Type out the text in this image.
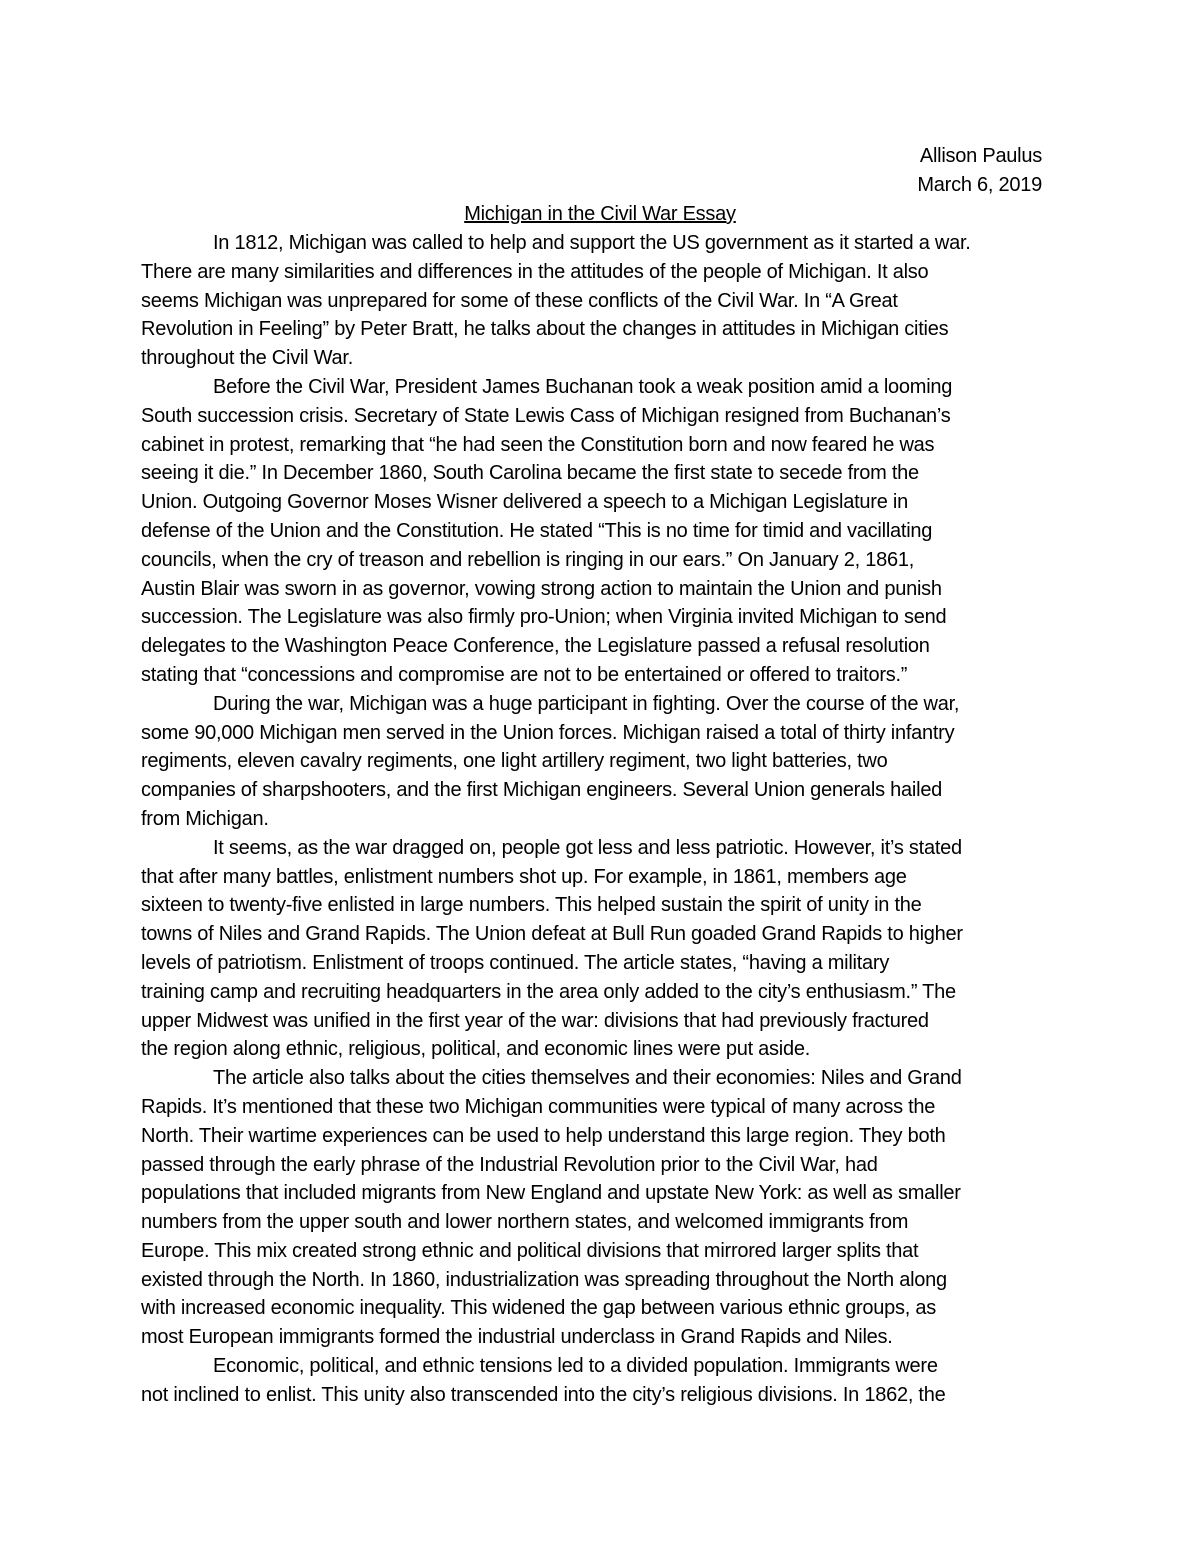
Allison Paulus
March 6, 2019
Michigan in the Civil War Essay
In 1812, Michigan was called to help and support the US government as it started a war.
There are many similarities and differences in the attitudes of the people of Michigan. It also
seems Michigan was unprepared for some of these conflicts of the Civil War. In “A Great
Revolution in Feeling” by Peter Bratt, he talks about the changes in attitudes in Michigan cities
throughout the Civil War.
Before the Civil War, President James Buchanan took a weak position amid a looming
South succession crisis. Secretary of State Lewis Cass of Michigan resigned from Buchanan’s
cabinet in protest, remarking that “he had seen the Constitution born and now feared he was
seeing it die.” In December 1860, South Carolina became the first state to secede from the
Union. Outgoing Governor Moses Wisner delivered a speech to a Michigan Legislature in
defense of the Union and the Constitution. He stated “This is no time for timid and vacillating
councils, when the cry of treason and rebellion is ringing in our ears.” On January 2, 1861,
Austin Blair was sworn in as governor, vowing strong action to maintain the Union and punish
succession. The Legislature was also firmly pro-Union; when Virginia invited Michigan to send
delegates to the Washington Peace Conference, the Legislature passed a refusal resolution
stating that “concessions and compromise are not to be entertained or offered to traitors.”
During the war, Michigan was a huge participant in fighting. Over the course of the war,
some 90,000 Michigan men served in the Union forces. Michigan raised a total of thirty infantry
regiments, eleven cavalry regiments, one light artillery regiment, two light batteries, two
companies of sharpshooters, and the first Michigan engineers. Several Union generals hailed
from Michigan.
It seems, as the war dragged on, people got less and less patriotic. However, it’s stated
that after many battles, enlistment numbers shot up. For example, in 1861, members age
sixteen to twenty-five enlisted in large numbers. This helped sustain the spirit of unity in the
towns of Niles and Grand Rapids. The Union defeat at Bull Run goaded Grand Rapids to higher
levels of patriotism. Enlistment of troops continued. The article states, “having a military
training camp and recruiting headquarters in the area only added to the city’s enthusiasm.” The
upper Midwest was unified in the first year of the war: divisions that had previously fractured
the region along ethnic, religious, political, and economic lines were put aside.
The article also talks about the cities themselves and their economies: Niles and Grand
Rapids. It’s mentioned that these two Michigan communities were typical of many across the
North. Their wartime experiences can be used to help understand this large region. They both
passed through the early phrase of the Industrial Revolution prior to the Civil War, had
populations that included migrants from New England and upstate New York: as well as smaller
numbers from the upper south and lower northern states, and welcomed immigrants from
Europe. This mix created strong ethnic and political divisions that mirrored larger splits that
existed through the North. In 1860, industrialization was spreading throughout the North along
with increased economic inequality. This widened the gap between various ethnic groups, as
most European immigrants formed the industrial underclass in Grand Rapids and Niles.
Economic, political, and ethnic tensions led to a divided population. Immigrants were
not inclined to enlist. This unity also transcended into the city’s religious divisions. In 1862, the
